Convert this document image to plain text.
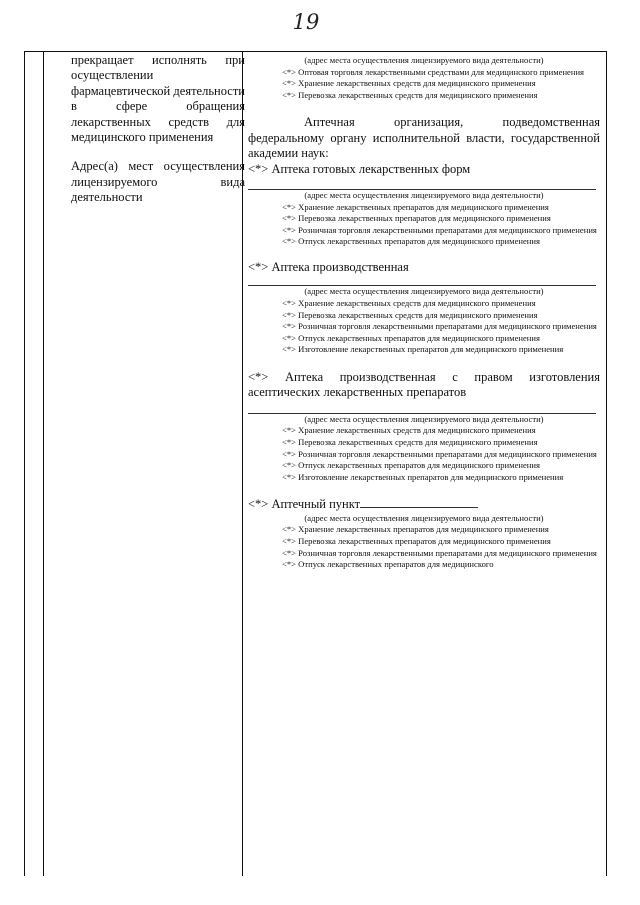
19

прекращает исполнять при осуществлении фармацевтической деятельности в сфере обращения лекарственных средств для медицинского применения

Адрес(а) мест осуществления лицензируемого вида деятельности

(адрес места осуществления лицензируемого вида деятельности)
<*> Оптовая торговля лекарственными средствами для медицинского применения
<*> Хранение лекарственных средств для медицинского применения
<*> Перевозка лекарственных средств для медицинского применения
Аптечная организация, подведомственная федеральному органу исполнительной власти, государственной академии наук:
<*> Аптека готовых лекарственных форм
(адрес места осуществления лицензируемого вида деятельности)
<*> Хранение лекарственных препаратов для медицинского применения
<*> Перевозка лекарственных препаратов для медицинского применения
<*> Розничная торговля лекарственными препаратами для медицинского применения
<*> Отпуск лекарственных препаратов для медицинского применения
<*> Аптека производственная
(адрес места осуществления лицензируемого вида деятельности)
<*> Хранение лекарственных средств для медицинского применения
<*> Перевозка лекарственных средств для медицинского применения
<*> Розничная торговля лекарственными препаратами для медицинского применения
<*> Отпуск лекарственных препаратов для медицинского применения
<*> Изготовление лекарственных препаратов для медицинского применения
<*> Аптека производственная с правом изготовления асептических лекарственных препаратов
(адрес места осуществления лицензируемого вида деятельности)
<*> Хранение лекарственных средств для медицинского применения
<*> Перевозка лекарственных средств для медицинского применения
<*> Розничная торговля лекарственными препаратами для медицинского применения
<*> Отпуск лекарственных препаратов для медицинского применения
<*> Изготовление лекарственных препаратов для медицинского применения
<*> Аптечный пункт
(адрес места осуществления лицензируемого вида деятельности)
<*> Хранение лекарственных препаратов для медицинского применения
<*> Перевозка лекарственных препаратов для медицинского применения
<*> Розничная торговля лекарственными препаратами для медицинского применения
<*> Отпуск лекарственных препаратов для медицинского
